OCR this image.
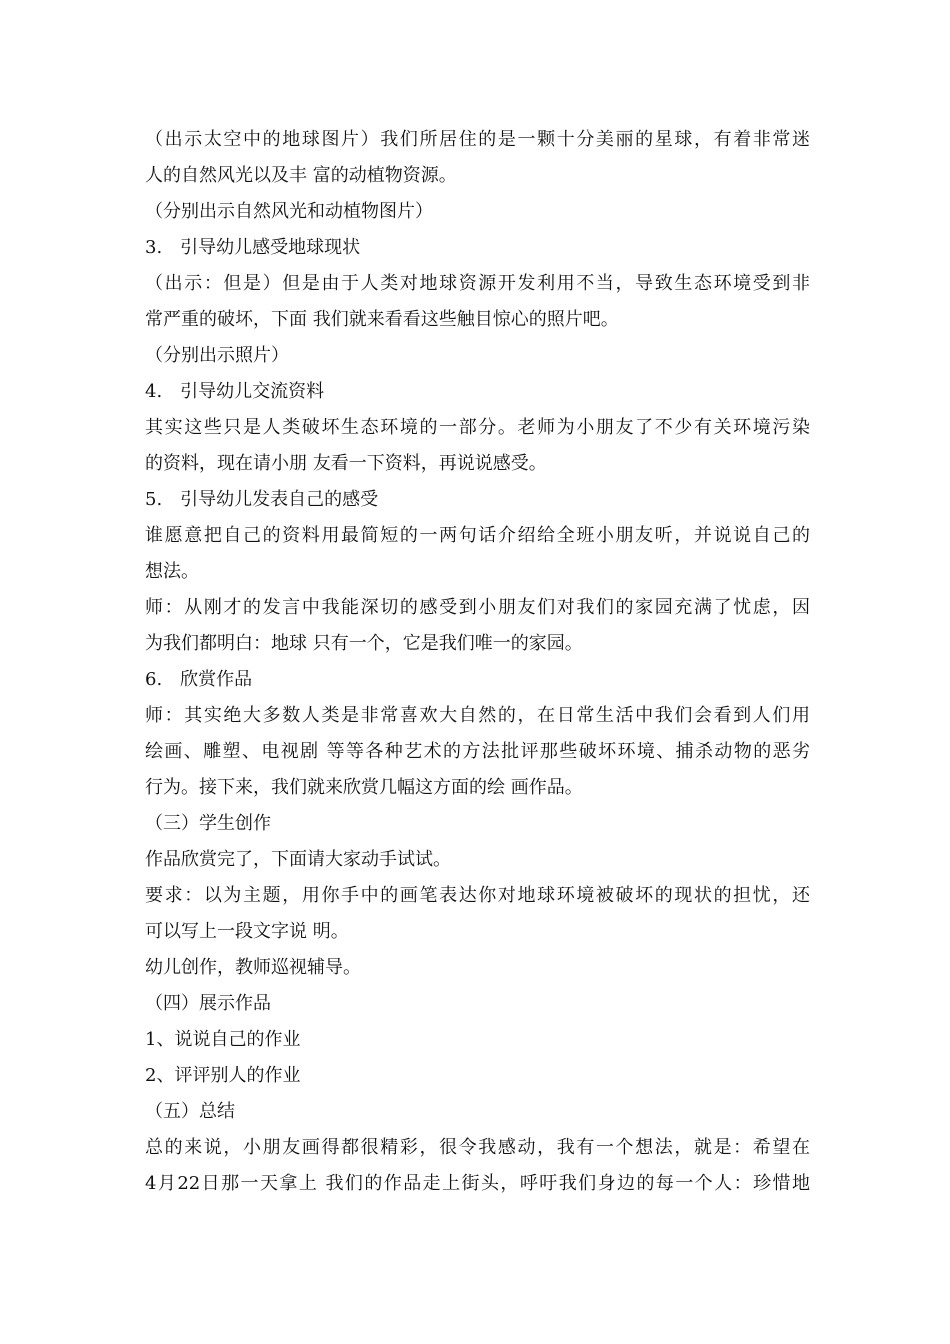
（出示太空中的地球图片）我们所居住的是一颗十分美丽的星球，有着非常迷

人的自然风光以及丰 富的动植物资源。

（分别出示自然风光和动植物图片）

3.　引导幼儿感受地球现状

（出示：但是）但是由于人类对地球资源开发利用不当，导致生态环境受到非

常严重的破坏，下面 我们就来看看这些触目惊心的照片吧。

（分别出示照片）

4.　引导幼儿交流资料

其实这些只是人类破坏生态环境的一部分。老师为小朋友了不少有关环境污染

的资料，现在请小朋 友看一下资料，再说说感受。

5.　引导幼儿发表自己的感受

谁愿意把自己的资料用最简短的一两句话介绍给全班小朋友听，并说说自己的

想法。

师：从刚才的发言中我能深切的感受到小朋友们对我们的家园充满了忧虑，因

为我们都明白：地球 只有一个，它是我们唯一的家园。

6.　欣赏作品

师：其实绝大多数人类是非常喜欢大自然的，在日常生活中我们会看到人们用

绘画、雕塑、电视剧 等等各种艺术的方法批评那些破坏环境、捕杀动物的恶劣

行为。接下来，我们就来欣赏几幅这方面的绘 画作品。

（三）学生创作

作品欣赏完了，下面请大家动手试试。

要求：以为主题，用你手中的画笔表达你对地球环境被破坏的现状的担忧，还

可以写上一段文字说 明。

幼儿创作，教师巡视辅导。

（四）展示作品

1、说说自己的作业

2、评评别人的作业

（五）总结

总的来说，小朋友画得都很精彩，很令我感动，我有一个想法，就是：希望在

4月22日那一天拿上 我们的作品走上街头，呼吁我们身边的每一个人：珍惜地
